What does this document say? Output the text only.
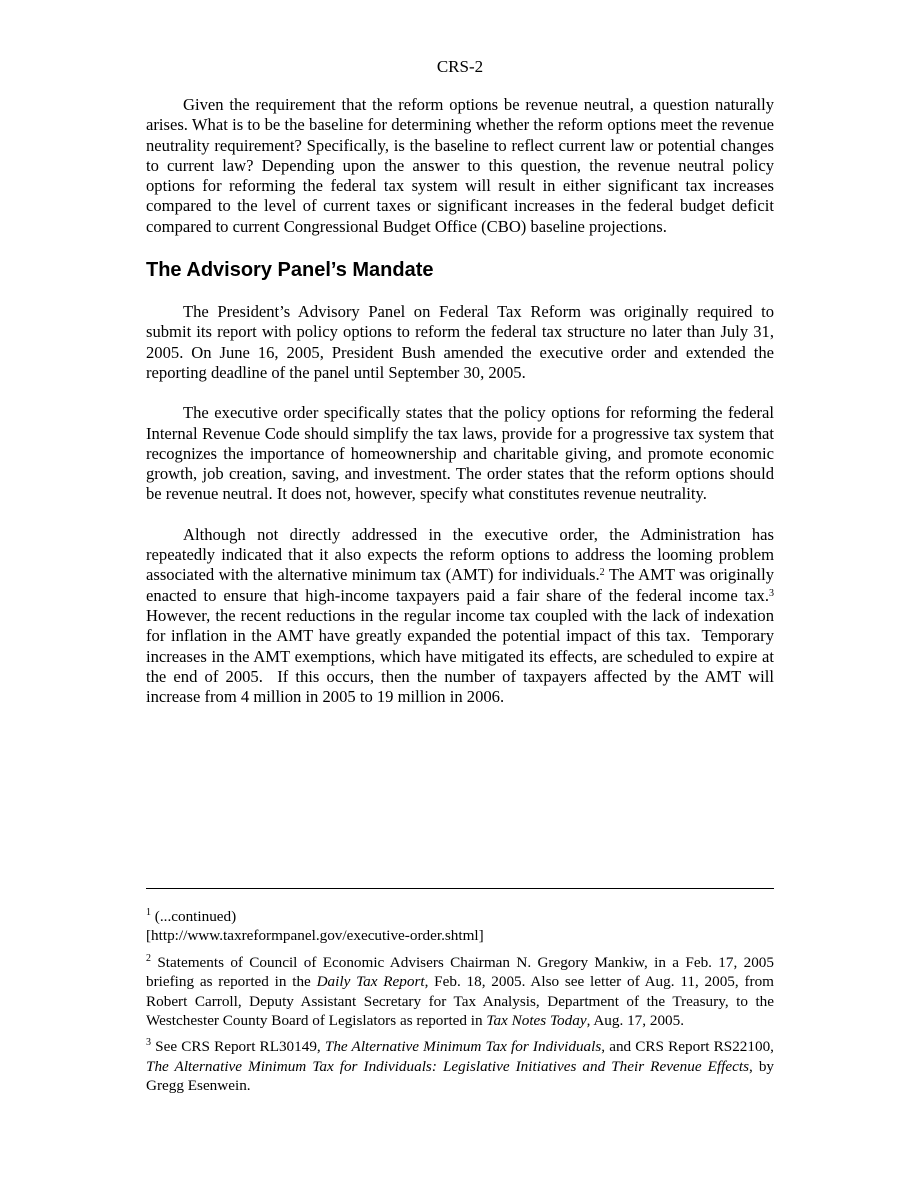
CRS-2

Given the requirement that the reform options be revenue neutral, a question naturally arises. What is to be the baseline for determining whether the reform options meet the revenue neutrality requirement? Specifically, is the baseline to reflect current law or potential changes to current law? Depending upon the answer to this question, the revenue neutral policy options for reforming the federal tax system will result in either significant tax increases compared to the level of current taxes or significant increases in the federal budget deficit compared to current Congressional Budget Office (CBO) baseline projections.

The Advisory Panel’s Mandate

The President’s Advisory Panel on Federal Tax Reform was originally required to submit its report with policy options to reform the federal tax structure no later than July 31, 2005. On June 16, 2005, President Bush amended the executive order and extended the reporting deadline of the panel until September 30, 2005.

The executive order specifically states that the policy options for reforming the federal Internal Revenue Code should simplify the tax laws, provide for a progressive tax system that recognizes the importance of homeownership and charitable giving, and promote economic growth, job creation, saving, and investment. The order states that the reform options should be revenue neutral. It does not, however, specify what constitutes revenue neutrality.

Although not directly addressed in the executive order, the Administration has repeatedly indicated that it also expects the reform options to address the looming problem associated with the alternative minimum tax (AMT) for individuals.$^2$ The AMT was originally enacted to ensure that high-income taxpayers paid a fair share of the federal income tax.$^3$   However, the recent reductions in the regular income tax coupled with the lack of indexation for inflation in the AMT have greatly expanded the potential impact of this tax.  Temporary increases in the AMT exemptions, which have mitigated its effects, are scheduled to expire at the end of 2005.  If this occurs, then the number of taxpayers affected by the AMT will increase from 4 million in 2005 to 19 million in 2006.

$^1$ (...continued)
[http://www.taxreformpanel.gov/executive-order.shtml]
$^2$ Statements of Council of Economic Advisers Chairman N. Gregory Mankiw, in a Feb. 17, 2005 briefing as reported in the Daily Tax Report, Feb. 18, 2005. Also see letter of Aug. 11, 2005, from Robert Carroll, Deputy Assistant Secretary for Tax Analysis, Department of the Treasury, to the Westchester County Board of Legislators as reported in Tax Notes Today, Aug. 17, 2005.
$^3$ See CRS Report RL30149, The Alternative Minimum Tax for Individuals, and CRS Report RS22100, The Alternative Minimum Tax for Individuals: Legislative Initiatives and Their Revenue Effects, by Gregg Esenwein.
